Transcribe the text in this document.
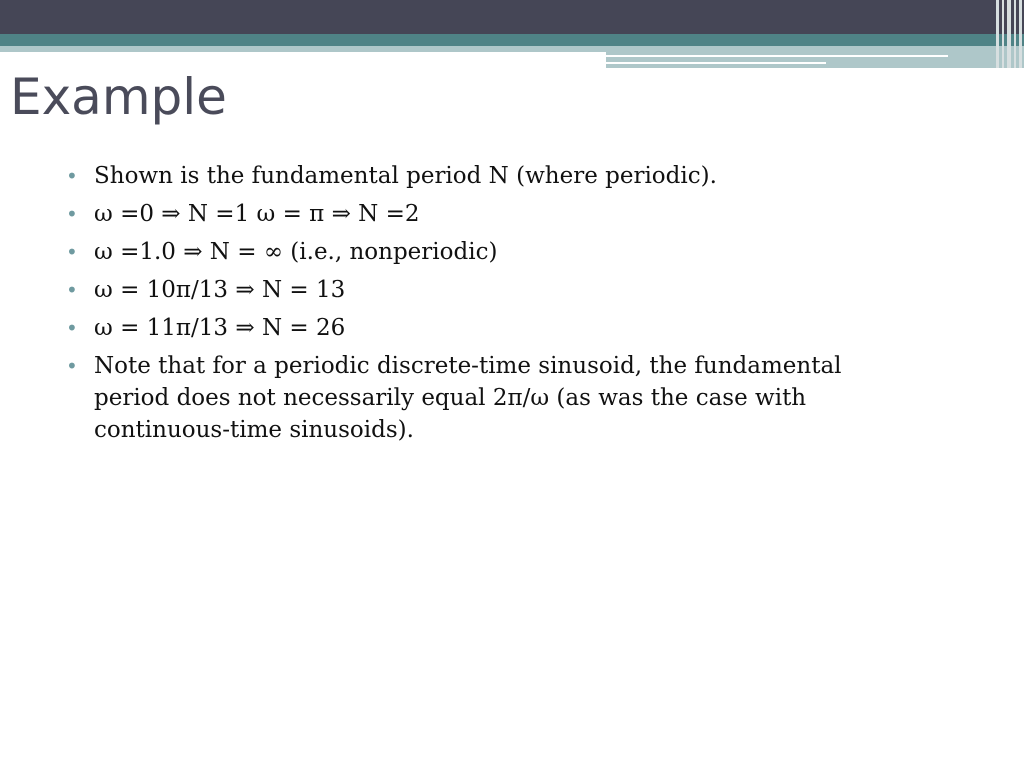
Example
• Shown is the fundamental period N (where periodic).
• ω =0 ⇒ N =1 ω = π ⇒ N =2
• ω =1.0 ⇒ N = ∞ (i.e., nonperiodic)
• ω = 10π/13 ⇒ N = 13
• ω = 11π/13 ⇒ N = 26
• Note that for a periodic discrete-time sinusoid, the fundamental period does not necessarily equal 2π/ω (as was the case with continuous-time sinusoids).
